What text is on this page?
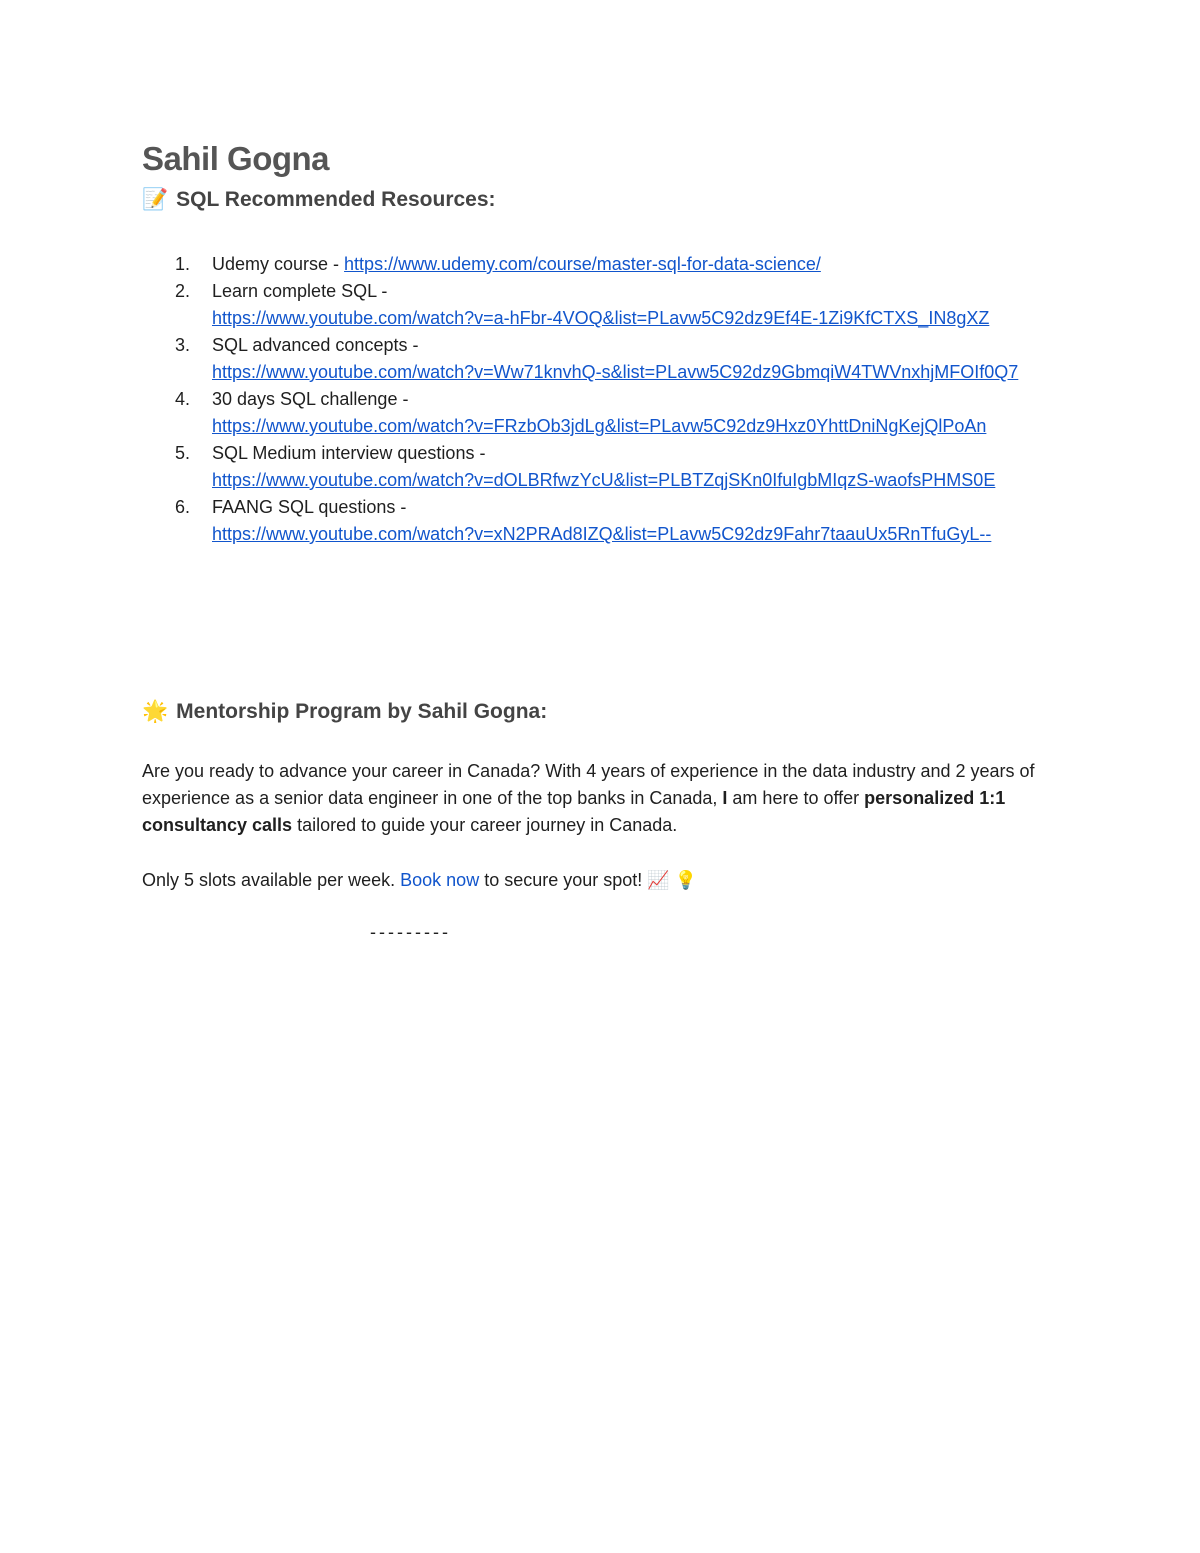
Sahil Gogna
📝 SQL Recommended Resources:
1. Udemy course - https://www.udemy.com/course/master-sql-for-data-science/
2. Learn complete SQL -
https://www.youtube.com/watch?v=a-hFbr-4VOQ&list=PLavw5C92dz9Ef4E-1Zi9KfCTXS_IN8gXZ
3. SQL advanced concepts -
https://www.youtube.com/watch?v=Ww71knvhQ-s&list=PLavw5C92dz9GbmqiW4TWVnxhjMFOIf0Q7
4. 30 days SQL challenge -
https://www.youtube.com/watch?v=FRzbOb3jdLg&list=PLavw5C92dz9Hxz0YhttDniNgKejQlPoAn
5. SQL Medium interview questions -
https://www.youtube.com/watch?v=dOLBRfwzYcU&list=PLBTZqjSKn0IfuIgbMIqzS-waofsPHMS0E
6. FAANG SQL questions -
https://www.youtube.com/watch?v=xN2PRAd8IZQ&list=PLavw5C92dz9Fahr7taauUx5RnTfuGyL--
🌟 Mentorship Program by Sahil Gogna:
Are you ready to advance your career in Canada? With 4 years of experience in the data industry and 2 years of experience as a senior data engineer in one of the top banks in Canada, I am here to offer personalized 1:1 consultancy calls tailored to guide your career journey in Canada.
Only 5 slots available per week. Book now to secure your spot! 📈 💡
---------
